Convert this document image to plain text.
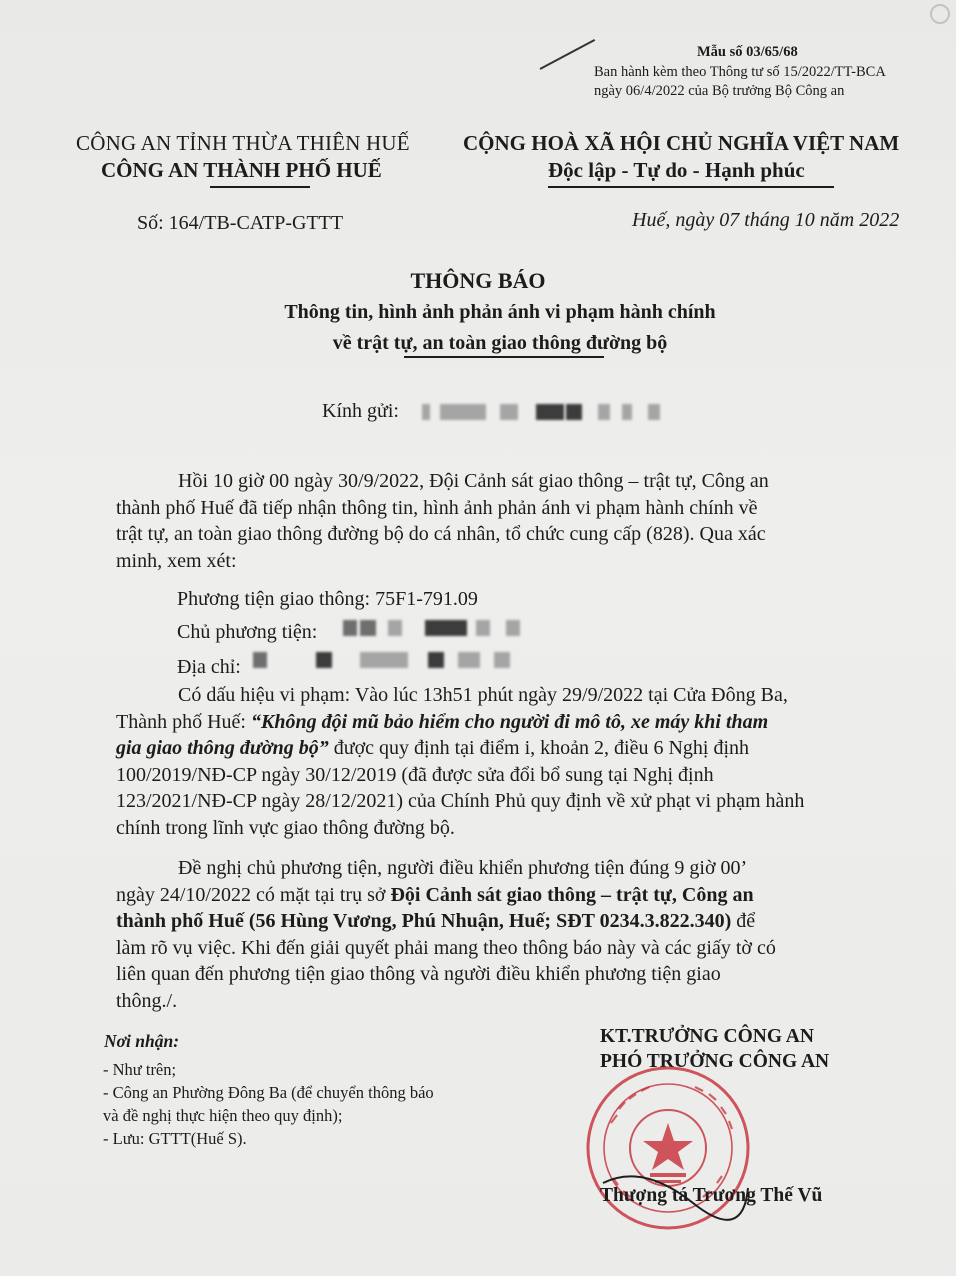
Mẫu số 03/65/68
Ban hành kèm theo Thông tư số 15/2022/TT-BCA
ngày 06/4/2022 của Bộ trưởng Bộ Công an
CÔNG AN TỈNH THỪA THIÊN HUẾ
CÔNG AN THÀNH PHỐ HUẾ
CỘNG HOÀ XÃ HỘI CHỦ NGHĨA VIỆT NAM
Độc lập - Tự do - Hạnh phúc
Số: 164/TB-CATP-GTTT	Huế, ngày 07 tháng 10 năm 2022
THÔNG BÁO
Thông tin, hình ảnh phản ánh vi phạm hành chính
về trật tự, an toàn giao thông đường bộ
Kính gửi:
Hồi 10 giờ 00 ngày 30/9/2022, Đội Cảnh sát giao thông – trật tự, Công an
thành phố Huế đã tiếp nhận thông tin, hình ảnh phản ánh vi phạm hành chính về
trật tự, an toàn giao thông đường bộ do cá nhân, tổ chức cung cấp (828). Qua xác
minh, xem xét:
Phương tiện giao thông: 75F1-791.09
Chủ phương tiện:
Địa chỉ:
Có dấu hiệu vi phạm: Vào lúc 13h51 phút ngày 29/9/2022 tại Cửa Đông Ba,
Thành phố Huế: “Không đội mũ bảo hiểm cho người đi mô tô, xe máy khi tham
gia giao thông đường bộ” được quy định tại điểm i, khoản 2, điều 6 Nghị định
100/2019/NĐ-CP ngày 30/12/2019 (đã được sửa đổi bổ sung tại Nghị định
123/2021/NĐ-CP ngày 28/12/2021) của Chính Phủ quy định về xử phạt vi phạm hành
chính trong lĩnh vực giao thông đường bộ.
Đề nghị chủ phương tiện, người điều khiển phương tiện đúng 9 giờ 00’
ngày 24/10/2022 có mặt tại trụ sở Đội Cảnh sát giao thông – trật tự, Công an
thành phố Huế (56 Hùng Vương, Phú Nhuận, Huế; SĐT 0234.3.822.340) để
làm rõ vụ việc. Khi đến giải quyết phải mang theo thông báo này và các giấy tờ có
liên quan đến phương tiện giao thông và người điều khiển phương tiện giao
thông./.
Nơi nhận:
- Như trên;
- Công an Phường Đông Ba (để chuyển thông báo
và đề nghị thực hiện theo quy định);
- Lưu: GTTT(Huế S).
KT.TRƯỞNG CÔNG AN
PHÓ TRƯỞNG CÔNG AN
Thượng tá Trương Thế Vũ
